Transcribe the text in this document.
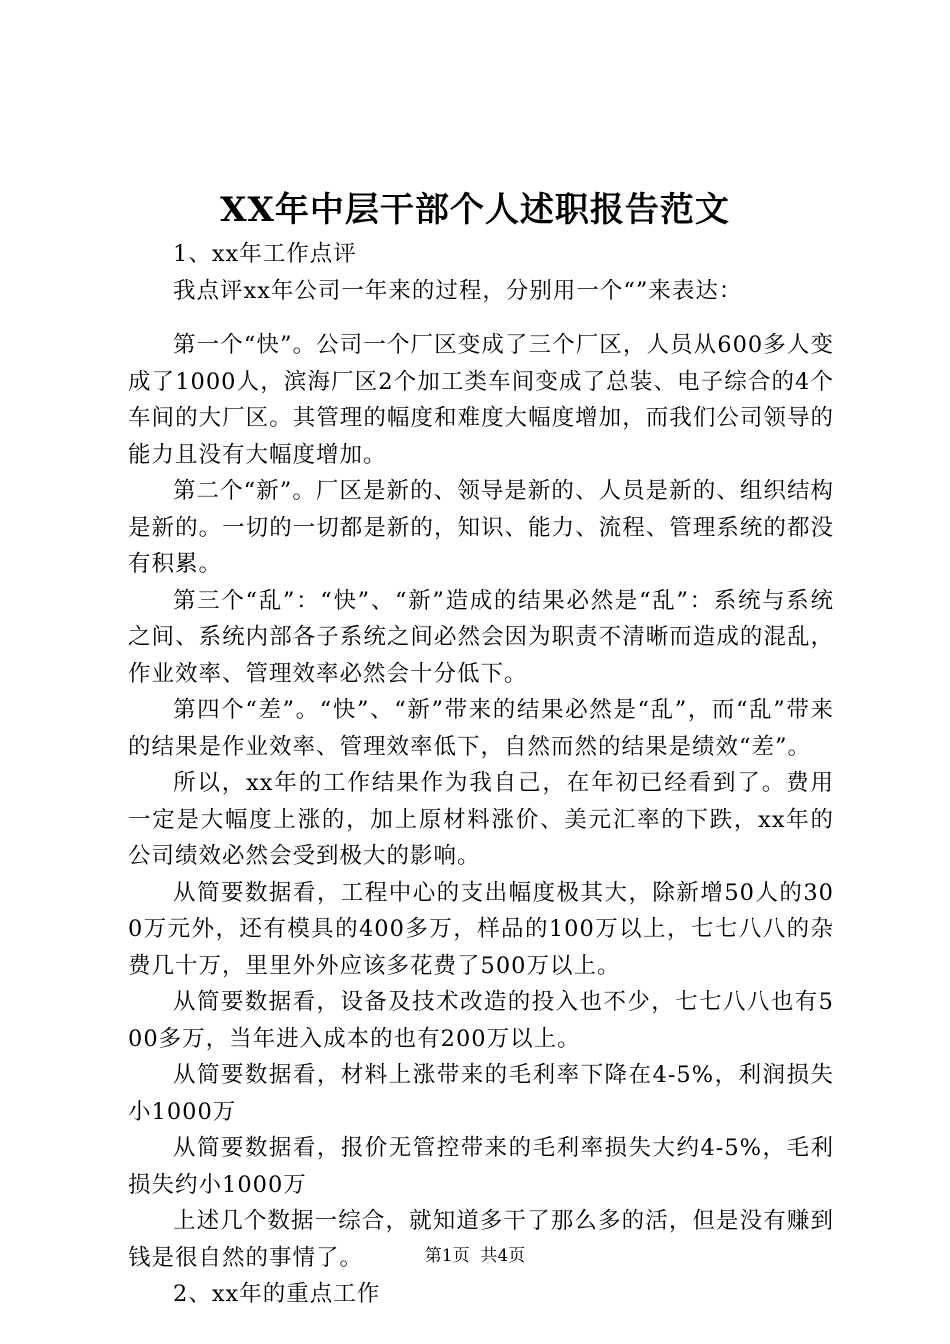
XX年中层干部个人述职报告范文

1、xx年工作点评

我点评xx年公司一年来的过程，分别用一个“”来表达：

第一个“快”。公司一个厂区变成了三个厂区，人员从600多人变成了1000人，滨海厂区2个加工类车间变成了总装、电子综合的4个车间的大厂区。其管理的幅度和难度大幅度增加，而我们公司领导的能力且没有大幅度增加。

第二个“新”。厂区是新的、领导是新的、人员是新的、组织结构是新的。一切的一切都是新的，知识、能力、流程、管理系统的都没有积累。

第三个“乱”：“快”、“新”造成的结果必然是“乱”：系统与系统之间、系统内部各子系统之间必然会因为职责不清晰而造成的混乱，作业效率、管理效率必然会十分低下。

第四个“差”。“快”、“新”带来的结果必然是“乱”，而“乱”带来的结果是作业效率、管理效率低下，自然而然的结果是绩效“差”。

所以，xx年的工作结果作为我自己，在年初已经看到了。费用一定是大幅度上涨的，加上原材料涨价、美元汇率的下跌，xx年的公司绩效必然会受到极大的影响。

从简要数据看，工程中心的支出幅度极其大，除新增50人的300万元外，还有模具的400多万，样品的100万以上，七七八八的杂费几十万，里里外外应该多花费了500万以上。

从简要数据看，设备及技术改造的投入也不少，七七八八也有500多万，当年进入成本的也有200万以上。

从简要数据看，材料上涨带来的毛利率下降在4-5%，利润损失小1000万

从简要数据看，报价无管控带来的毛利率损失大约4-5%，毛利损失约小1000万

上述几个数据一综合，就知道多干了那么多的活，但是没有赚到钱是很自然的事情了。

2、xx年的重点工作

第1页  共4页
